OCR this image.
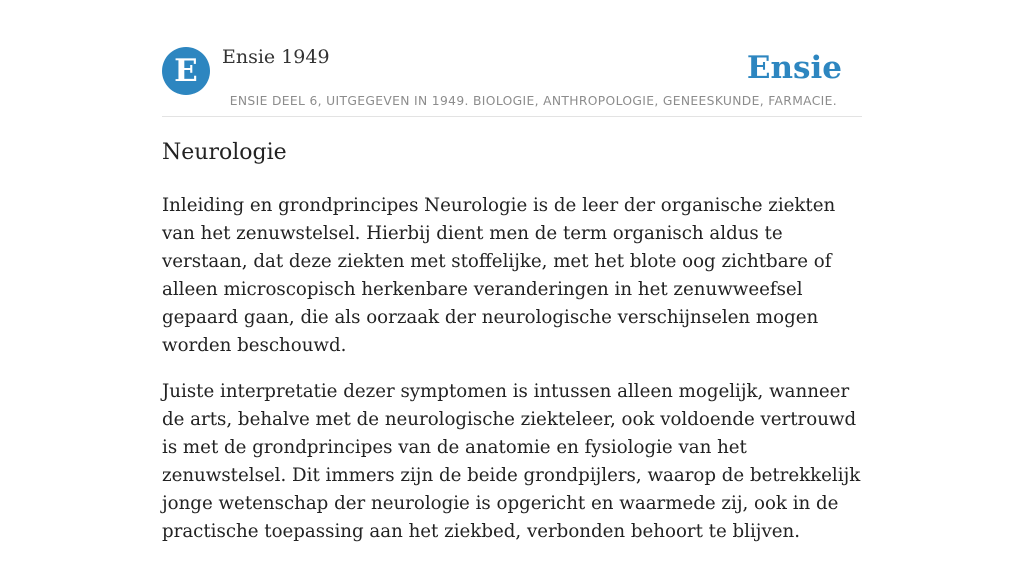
E	Ensie 1949	Ensie
ENSIE DEEL 6, UITGEGEVEN IN 1949. BIOLOGIE, ANTHROPOLOGIE, GENEESKUNDE, FARMACIE.
Neurologie

Inleiding en grondprincipes Neurologie is de leer der organische ziekten van het zenuwstelsel. Hierbij dient men de term organisch aldus te verstaan, dat deze ziekten met stoffelijke, met het blote oog zichtbare of alleen microscopisch herkenbare veranderingen in het zenuwweefsel gepaard gaan, die als oorzaak der neurologische verschijnselen mogen worden beschouwd.

Juiste interpretatie dezer symptomen is intussen alleen mogelijk, wanneer de arts, behalve met de neurologische ziekteleer, ook voldoende vertrouwd is met de grondprincipes van de anatomie en fysiologie van het zenuwstelsel. Dit immers zijn de beide grondpijlers, waarop de betrekkelijk jonge wetenschap der neurologie is opgericht en waarmede zij, ook in de practische toepassing aan het ziekbed, verbonden behoort te blijven.
